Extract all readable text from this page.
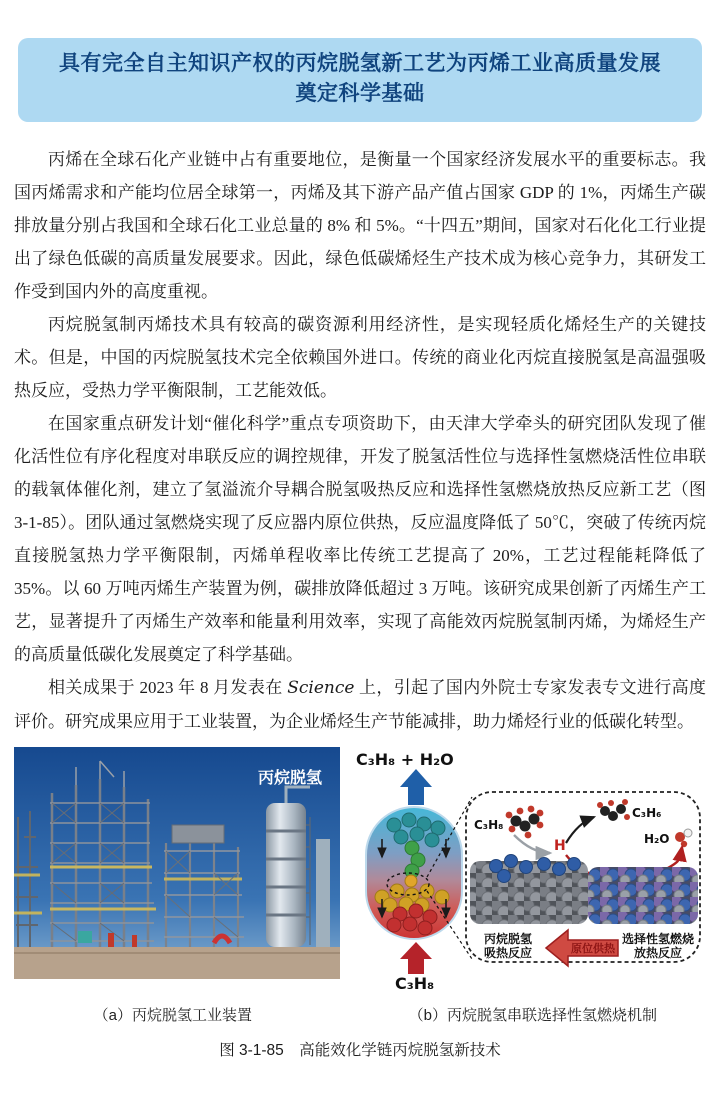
具有完全自主知识产权的丙烷脱氢新工艺为丙烯工业高质量发展
奠定科学基础

丙烯在全球石化产业链中占有重要地位，是衡量一个国家经济发展水平的重要标志。我国丙烯需求和产能均位居全球第一，丙烯及其下游产品产值占国家 GDP 的 1%，丙烯生产碳排放量分别占我国和全球石化工业总量的 8% 和 5%。“十四五”期间，国家对石化化工行业提出了绿色低碳的高质量发展要求。因此，绿色低碳烯烃生产技术成为核心竞争力，其研发工作受到国内外的高度重视。

丙烷脱氢制丙烯技术具有较高的碳资源利用经济性，是实现轻质化烯烃生产的关键技术。但是，中国的丙烷脱氢技术完全依赖国外进口。传统的商业化丙烷直接脱氢是高温强吸热反应，受热力学平衡限制，工艺能效低。

在国家重点研发计划“催化科学”重点专项资助下，由天津大学牵头的研究团队发现了催化活性位有序化程度对串联反应的调控规律，开发了脱氢活性位与选择性氢燃烧活性位串联的载氧体催化剂，建立了氢溢流介导耦合脱氢吸热反应和选择性氢燃烧放热反应新工艺（图 3-1-85）。团队通过氢燃烧实现了反应器内原位供热，反应温度降低了 50℃，突破了传统丙烷直接脱氢热力学平衡限制，丙烯单程收率比传统工艺提高了 20%，工艺过程能耗降低了 35%。以 60 万吨丙烯生产装置为例，碳排放降低超过 3 万吨。该研究成果创新了丙烯生产工艺，显著提升了丙烯生产效率和能量利用效率，实现了高能效丙烷脱氢制丙烯，为烯烃生产的高质量低碳化发展奠定了科学基础。

相关成果于 2023 年 8 月发表在 Science 上，引起了国内外院士专家发表专文进行高度评价。研究成果应用于工业装置，为企业烯烃生产节能减排，助力烯烃行业的低碳化转型。

丙烷脱氢
C₃H₈ + H₂O
C₃H₈
C₃H₈
H
C₃H₆
H₂O
丙烷脱氢
吸热反应	原位供热
选择性氢燃烧
放热反应
（a）丙烷脱氢工业装置	（b）丙烷脱氢串联选择性氢燃烧机制
图 3-1-85　高能效化学链丙烷脱氢新技术
